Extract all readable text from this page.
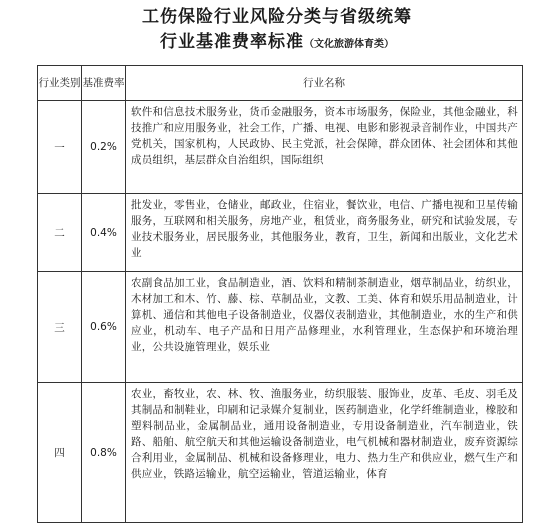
工伤保险行业风险分类与省级统筹
行业基准费率标准（文化旅游体育类）
行业类别	基准费率	行业名称
一	0.2%	软件和信息技术服务业，货币金融服务，资本市场服务，保险业，其他金融业，科技推广和应用服务业，社会工作，广播、电视、电影和影视录音制作业，中国共产党机关，国家机构，人民政协、民主党派，社会保障，群众团体、社会团体和其他成员组织，基层群众自治组织，国际组织
二	0.4%	批发业，零售业，仓储业，邮政业，住宿业，餐饮业，电信、广播电视和卫星传输服务，互联网和相关服务，房地产业，租赁业，商务服务业，研究和试验发展，专业技术服务业，居民服务业，其他服务业，教育，卫生，新闻和出版业，文化艺术业
三	0.6%	农副食品加工业，食品制造业，酒、饮料和精制茶制造业，烟草制品业，纺织业，木材加工和木、竹、藤、棕、草制品业，文教、工美、体育和娱乐用品制造业，计算机、通信和其他电子设备制造业，仪器仪表制造业，其他制造业，水的生产和供应业，机动车、电子产品和日用产品修理业，水利管理业，生态保护和环境治理业，公共设施管理业，娱乐业
四	0.8%	农业，畜牧业，农、林、牧、渔服务业，纺织服装、服饰业，皮革、毛皮、羽毛及其制品和制鞋业，印刷和记录媒介复制业，医药制造业，化学纤维制造业，橡胶和塑料制品业，金属制品业，通用设备制造业，专用设备制造业，汽车制造业，铁路、船舶、航空航天和其他运输设备制造业，电气机械和器材制造业，废弃资源综合利用业，金属制品、机械和设备修理业，电力、热力生产和供应业，燃气生产和供应业，铁路运输业，航空运输业，管道运输业，体育
